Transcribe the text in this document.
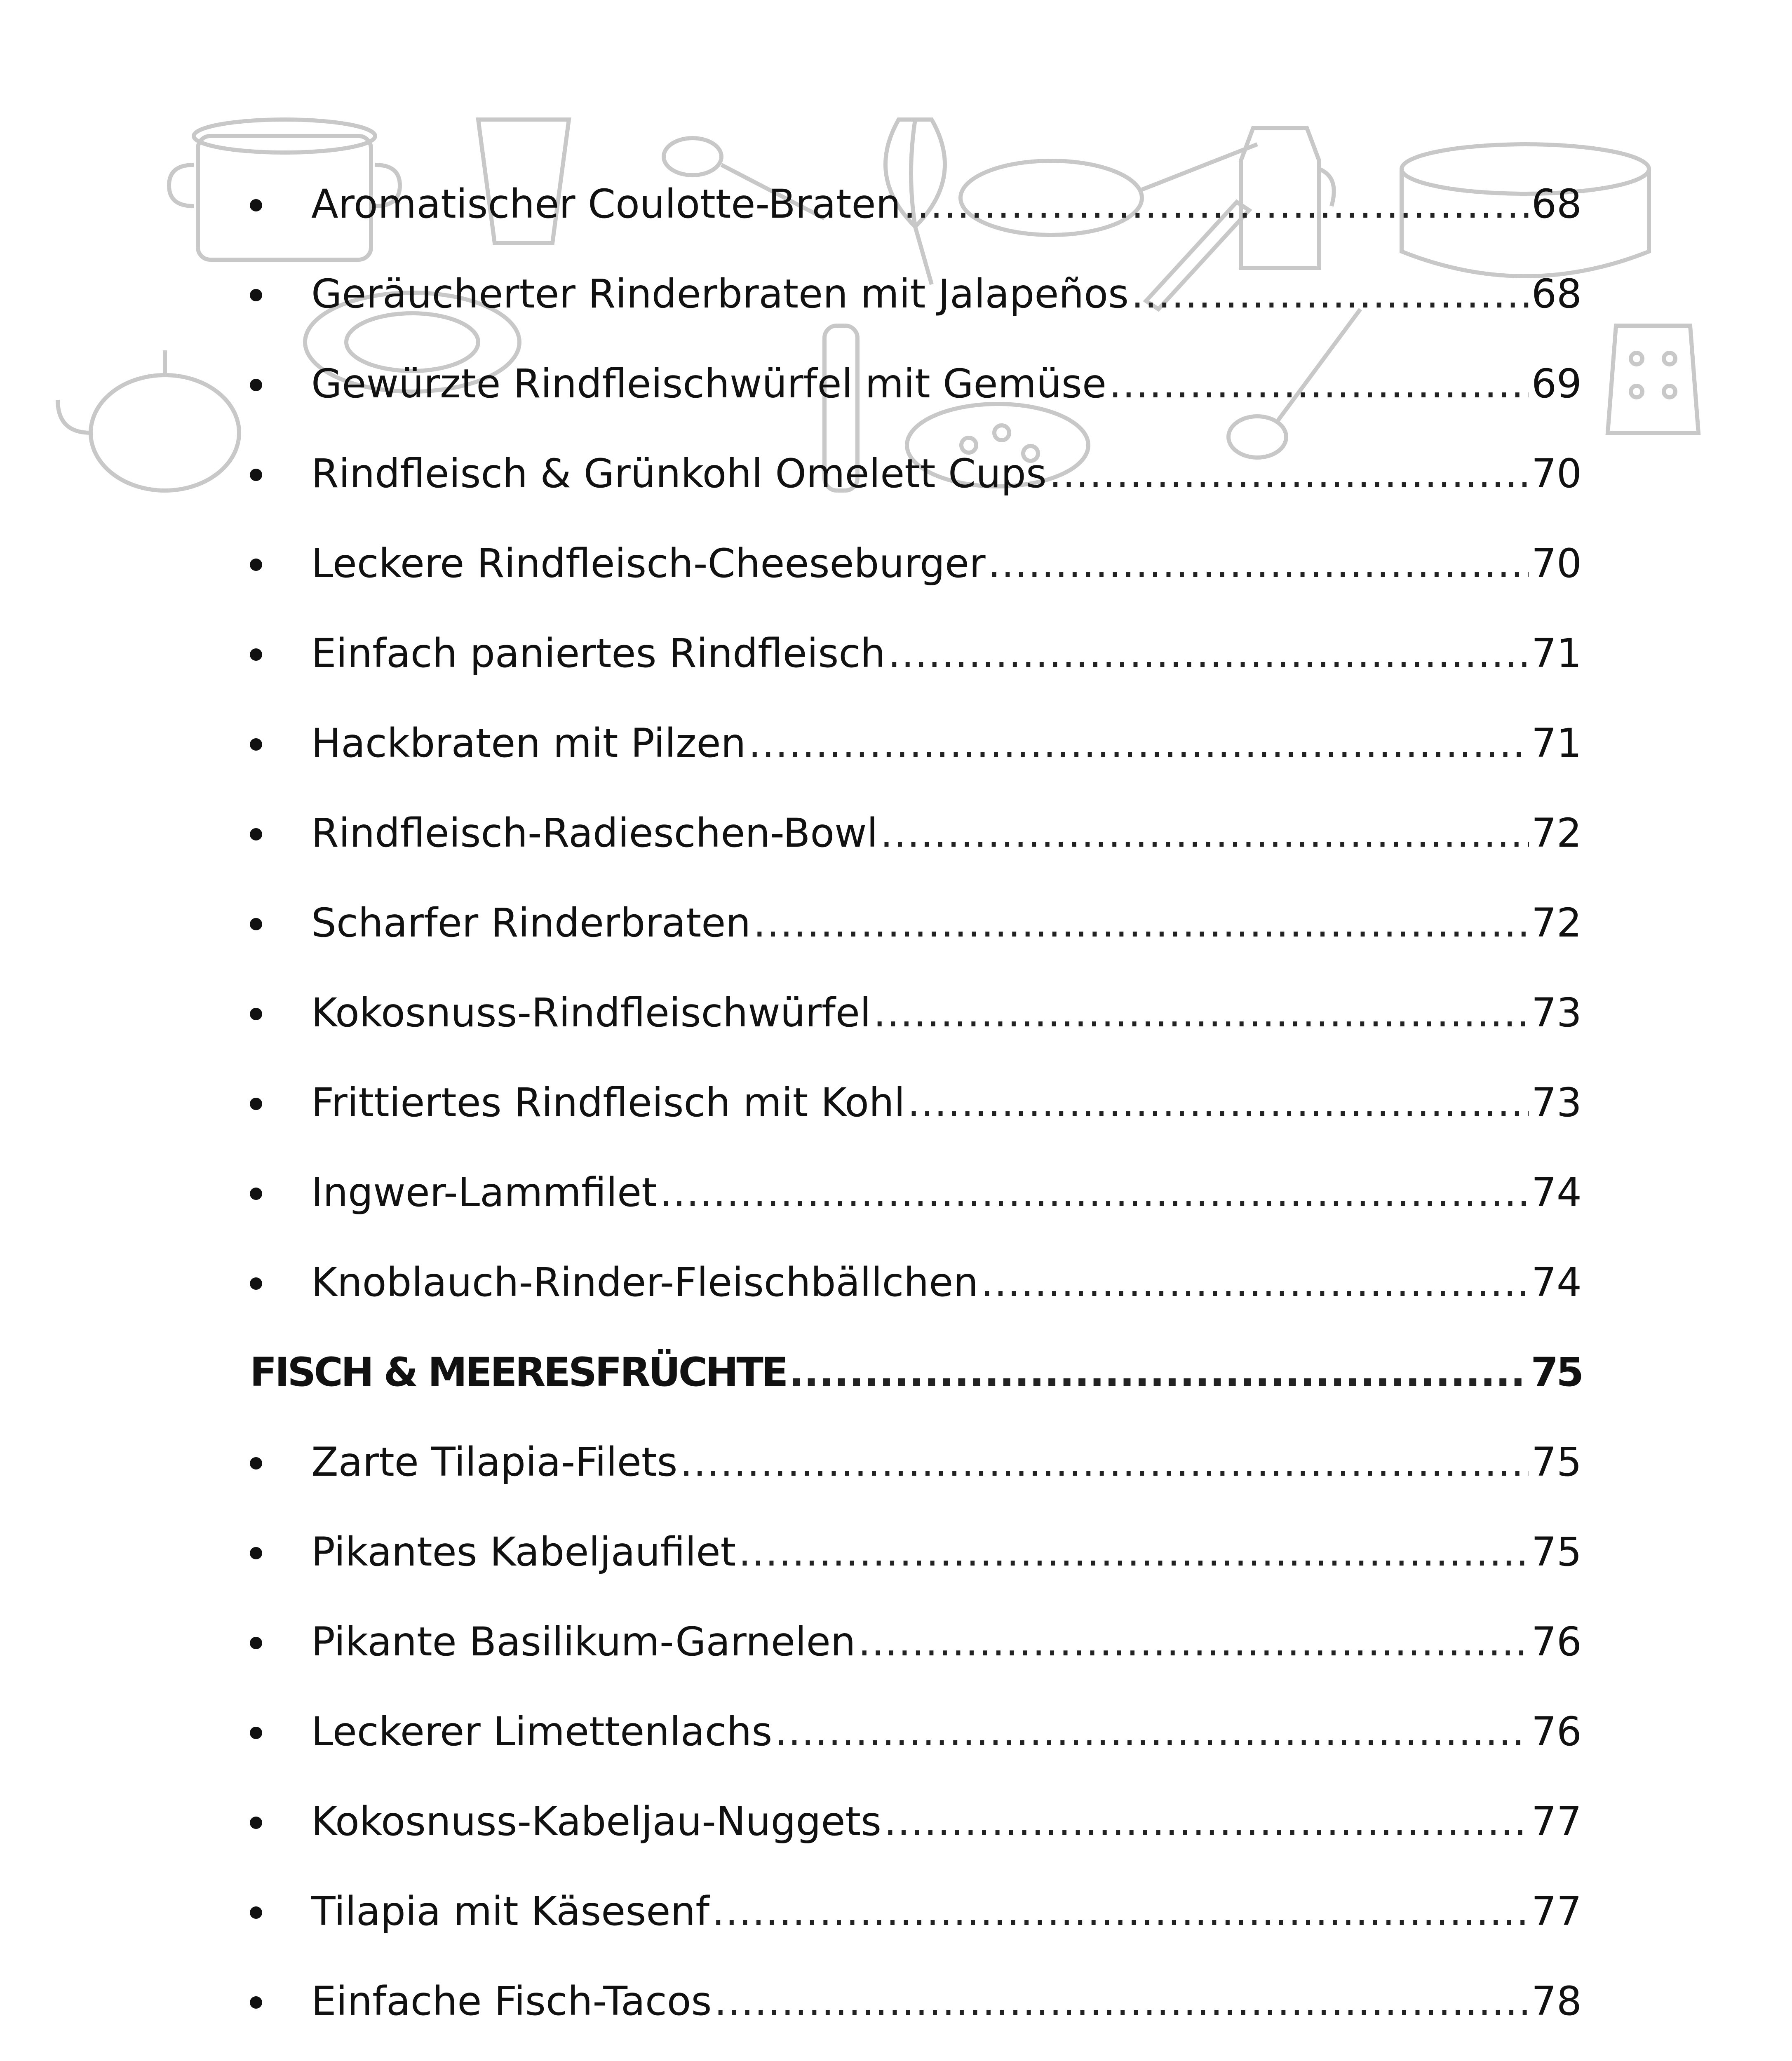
Aromatischer Coulotte-Braten .....	68
Geräucherter Rinderbraten mit Jalapeños .....	68
Gewürzte Rindfleischwürfel mit Gemüse .....	69
Rindfleisch & Grünkohl Omelett Cups .....	70
Leckere Rindfleisch-Cheeseburger .....	70
Einfach paniertes Rindfleisch .....	71
Hackbraten mit Pilzen .....	71
Rindfleisch-Radieschen-Bowl .....	72
Scharfer Rinderbraten .....	72
Kokosnuss-Rindfleischwürfel .....	73
Frittiertes Rindfleisch mit Kohl .....	73
Ingwer-Lammfilet .....	74
Knoblauch-Rinder-Fleischbällchen .....	74
FISCH & MEERESFRÜCHTE .....	75
Zarte Tilapia-Filets .....	75
Pikantes Kabeljaufilet .....	75
Pikante Basilikum-Garnelen .....	76
Leckerer Limettenlachs .....	76
Kokosnuss-Kabeljau-Nuggets .....	77
Tilapia mit Käsesenf .....	77
Einfache Fisch-Tacos .....	78
